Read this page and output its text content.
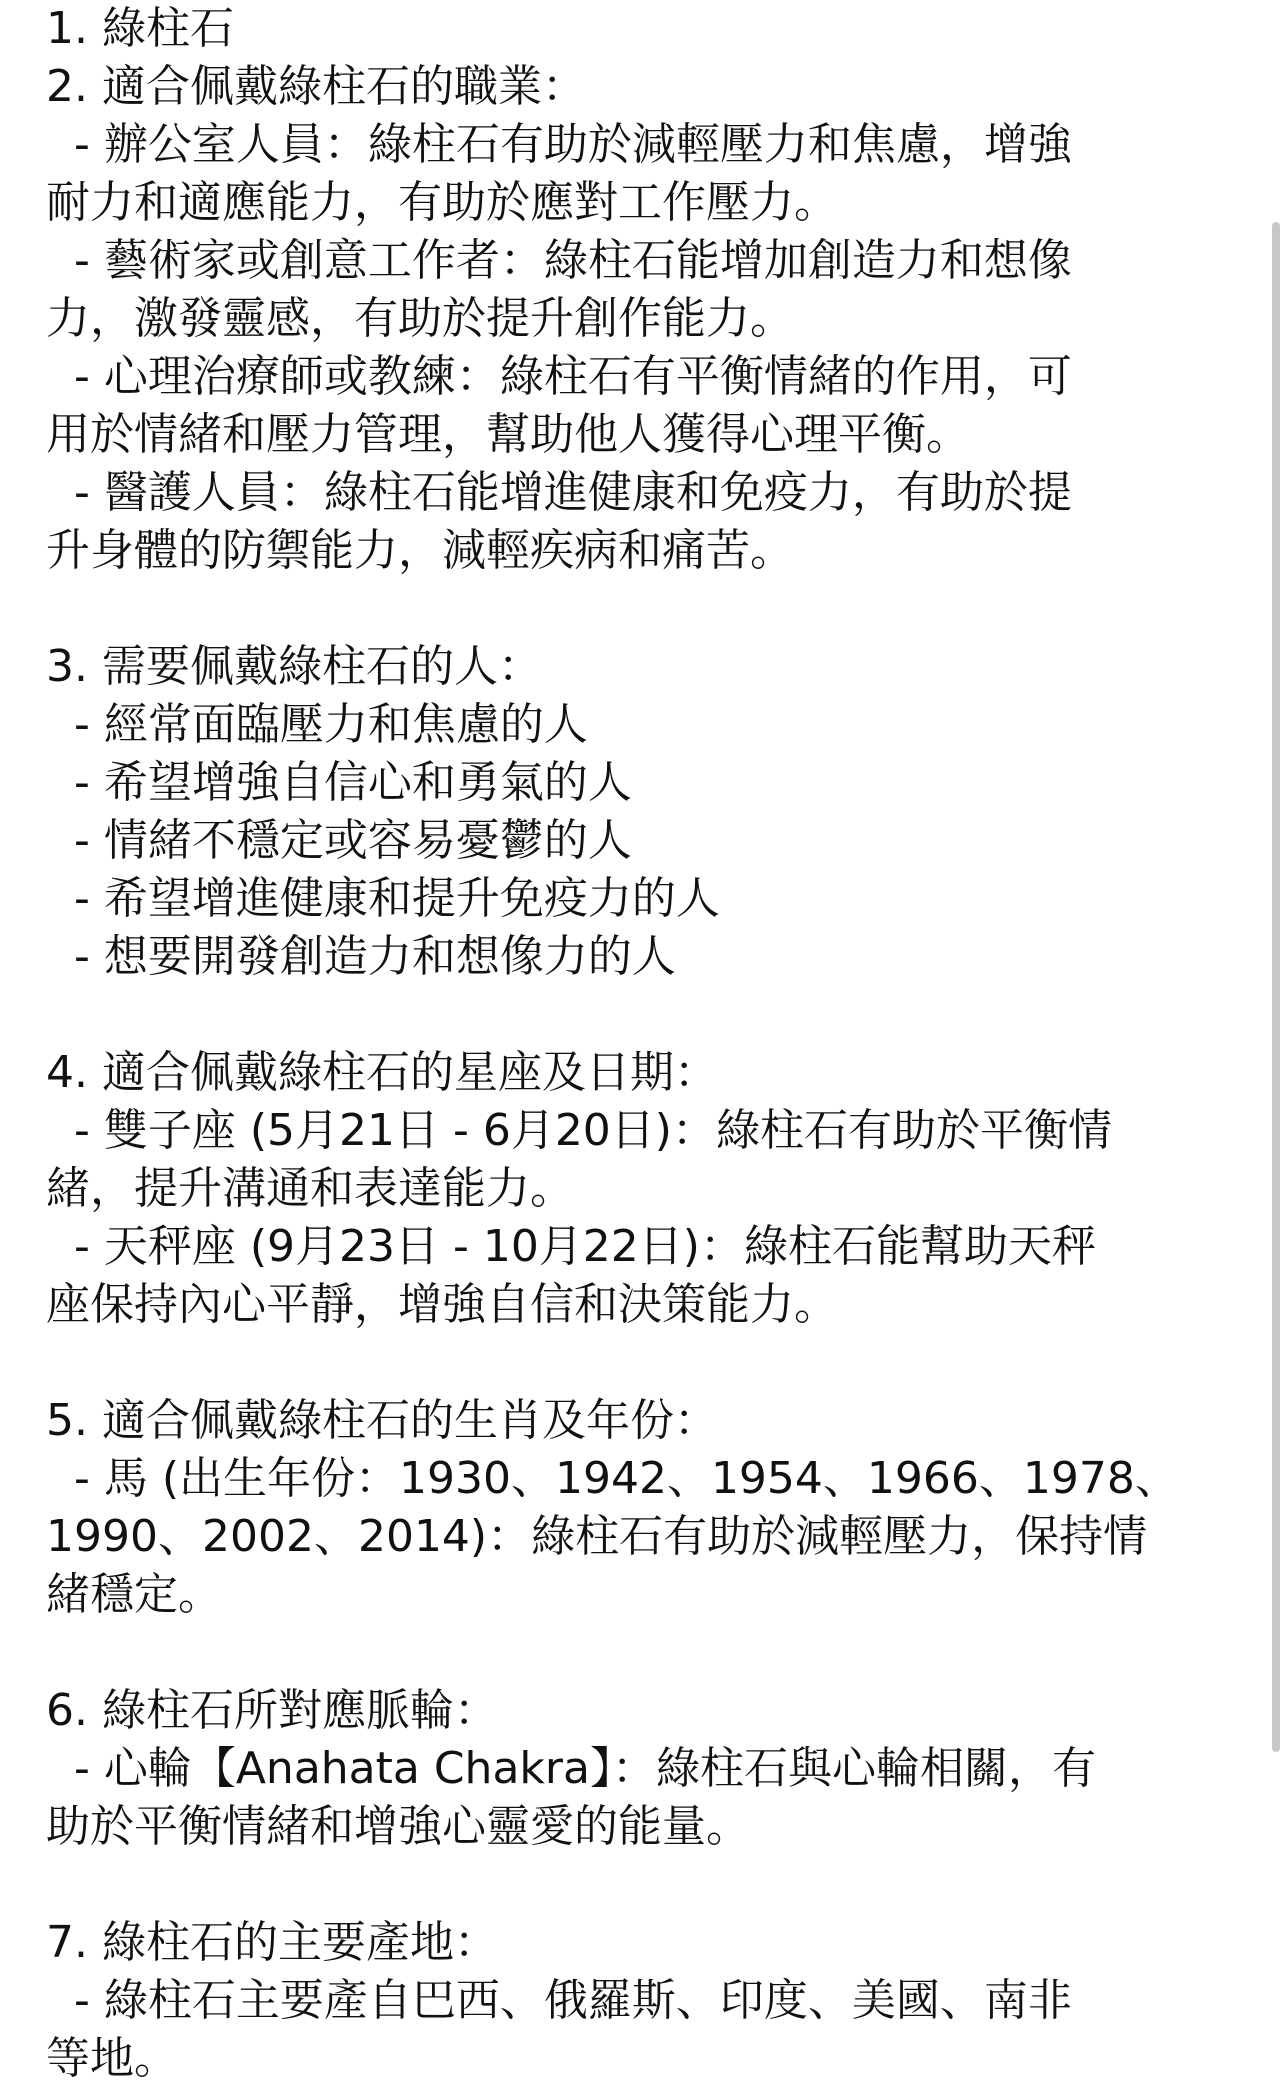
1. 綠柱石

2. 適合佩戴綠柱石的職業：

- 辦公室人員：綠柱石有助於減輕壓力和焦慮，增強

耐力和適應能力，有助於應對工作壓力。

- 藝術家或創意工作者：綠柱石能增加創造力和想像

力，激發靈感，有助於提升創作能力。

- 心理治療師或教練：綠柱石有平衡情緒的作用，可

用於情緒和壓力管理，幫助他人獲得心理平衡。

- 醫護人員：綠柱石能增進健康和免疫力，有助於提

升身體的防禦能力，減輕疾病和痛苦。

3. 需要佩戴綠柱石的人：

- 經常面臨壓力和焦慮的人

- 希望增強自信心和勇氣的人

- 情緒不穩定或容易憂鬱的人

- 希望增進健康和提升免疫力的人

- 想要開發創造力和想像力的人

4. 適合佩戴綠柱石的星座及日期：

- 雙子座 (5月21日 - 6月20日)：綠柱石有助於平衡情

緒，提升溝通和表達能力。

- 天秤座 (9月23日 - 10月22日)：綠柱石能幫助天秤

座保持內心平靜，增強自信和決策能力。

5. 適合佩戴綠柱石的生肖及年份：

- 馬 (出生年份：1930、1942、1954、1966、1978、

1990、2002、2014)：綠柱石有助於減輕壓力，保持情

緒穩定。

6. 綠柱石所對應脈輪：

- 心輪【Anahata Chakra】：綠柱石與心輪相關，有

助於平衡情緒和增強心靈愛的能量。

7. 綠柱石的主要產地：

- 綠柱石主要產自巴西、俄羅斯、印度、美國、南非

等地。
